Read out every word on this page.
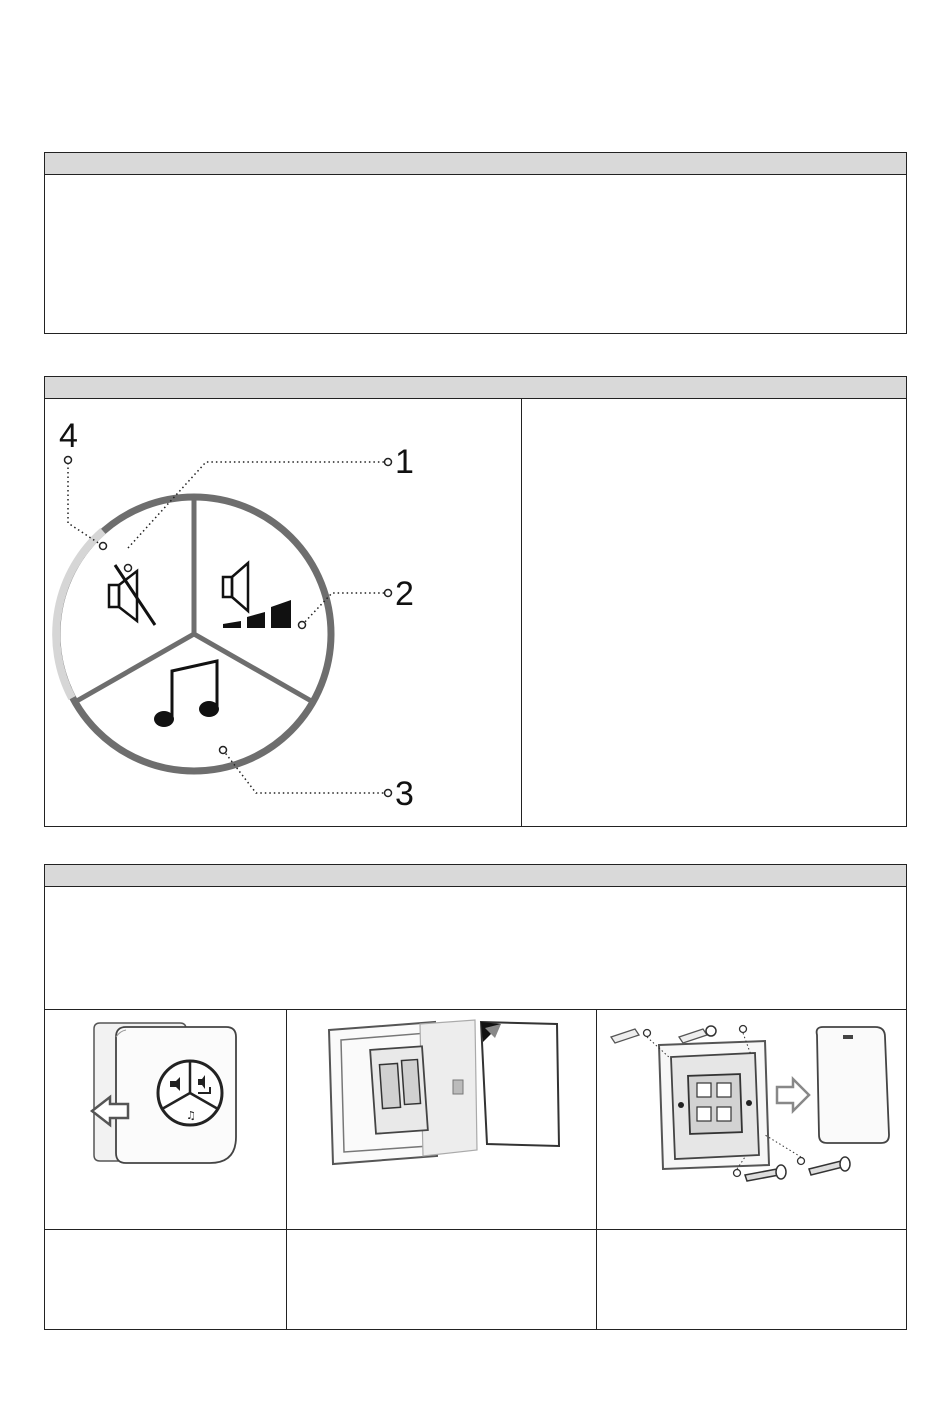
1
2
3
4
♫
